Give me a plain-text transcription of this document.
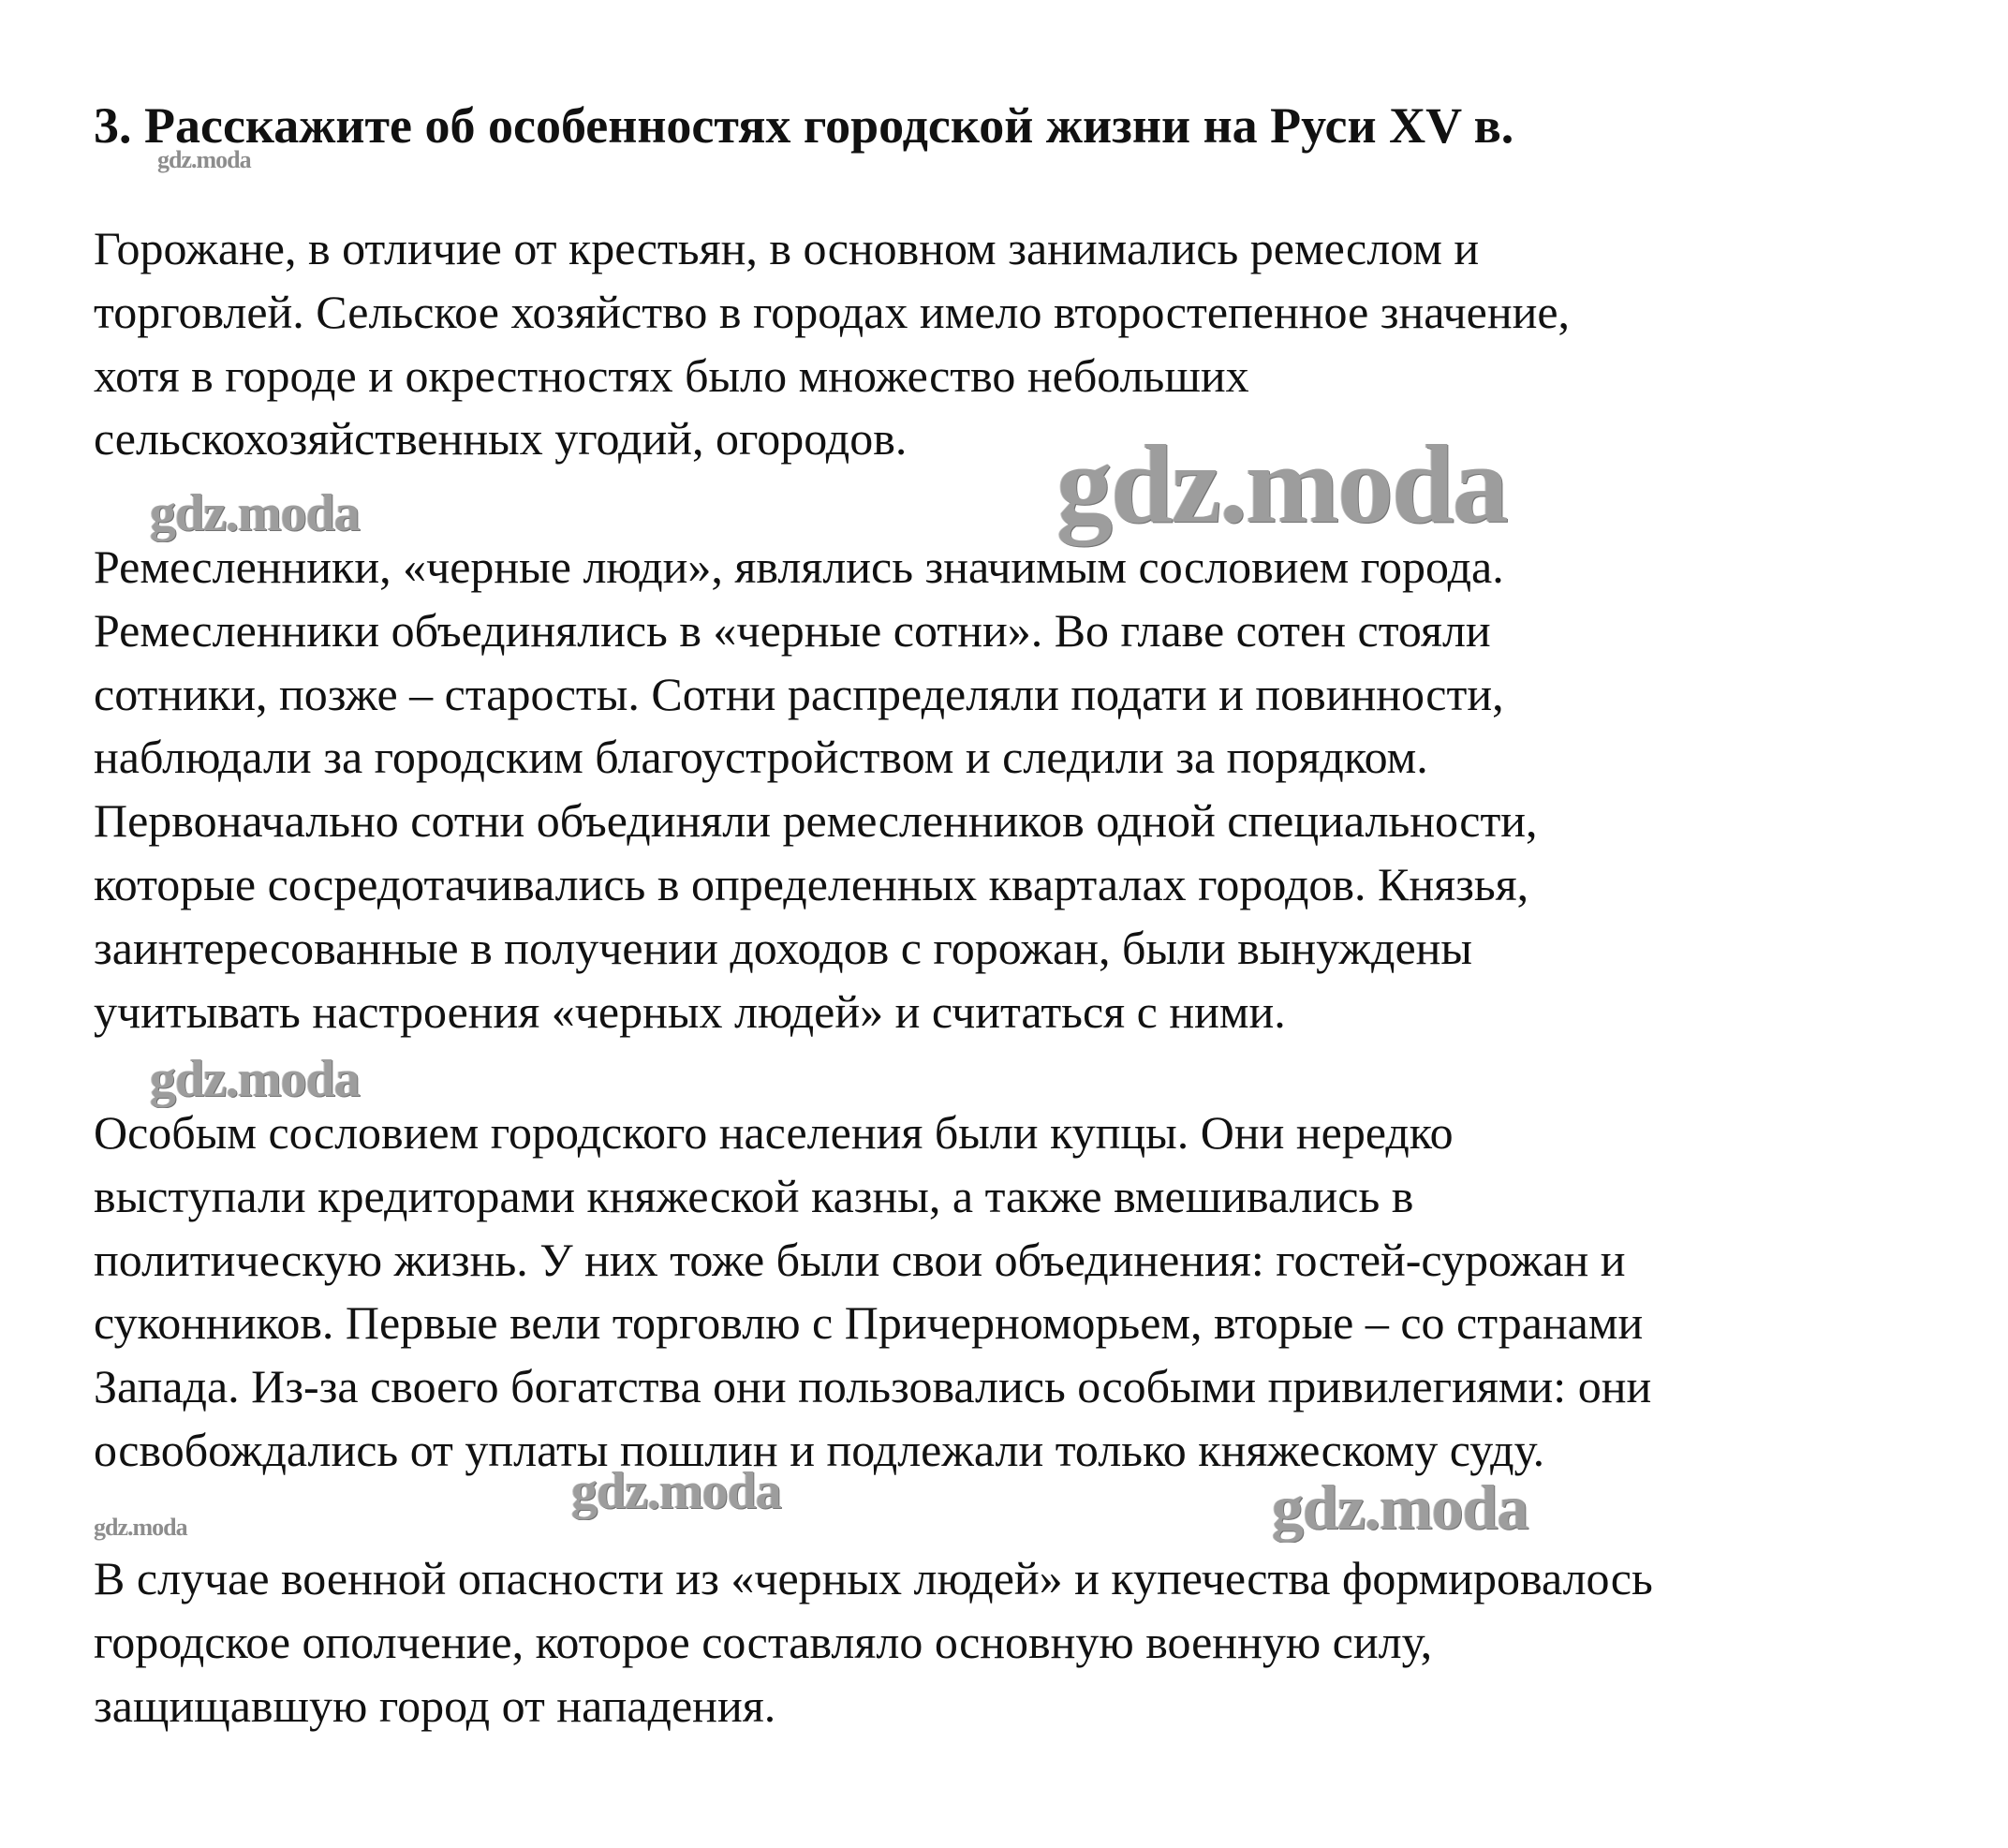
3. Расскажите об особенностях городской жизни на Руси XV в.

Горожане, в отличие от крестьян, в основном занимались ремеслом и
торговлей. Сельское хозяйство в городах имело второстепенное значение,
хотя в городе и окрестностях было множество небольших
сельскохозяйственных угодий, огородов.

Ремесленники, «черные люди», являлись значимым сословием города.
Ремесленники объединялись в «черные сотни». Во главе сотен стояли
сотники, позже – старосты. Сотни распределяли подати и повинности,
наблюдали за городским благоустройством и следили за порядком.
Первоначально сотни объединяли ремесленников одной специальности,
которые сосредотачивались в определенных кварталах городов. Князья,
заинтересованные в получении доходов с горожан, были вынуждены
учитывать настроения «черных людей» и считаться с ними.

Особым сословием городского населения были купцы. Они нередко
выступали кредиторами княжеской казны, а также вмешивались в
политическую жизнь. У них тоже были свои объединения: гостей-сурожан и
суконников. Первые вели торговлю с Причерноморьем, вторые – со странами
Запада. Из-за своего богатства они пользовались особыми привилегиями: они
освобождались от уплаты пошлин и подлежали только княжескому суду.

В случае военной опасности из «черных людей» и купечества формировалось
городское ополчение, которое составляло основную военную силу,
защищавшую город от нападения.

gdz.moda
gdz.moda
gdz.moda
gdz.moda
gdz.moda	gdz.moda
gdz.moda
